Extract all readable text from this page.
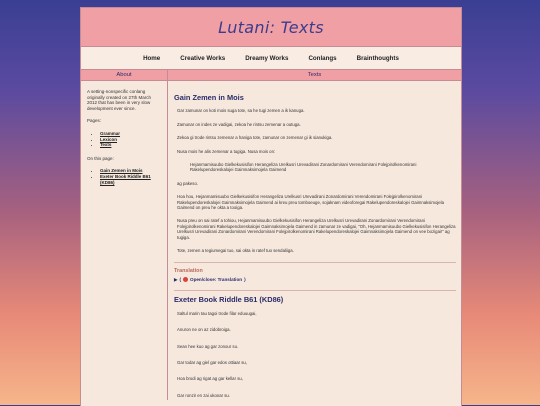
Lutani: Texts
Home	Creative Works	Dreamy Works	Conlangs	Brainthoughts
About

A setting-nonspecific conlang originally created on 27th March 2012 that has been in very slow development ever since.

Pages:

• Grammar
• Lexicon
• Texts

On this page:

• Gain Zemen in Mois
• Exeter Book Riddle B61 (KD86)
Texts
Gain Zemen in Mois
Gar zamunar on koti mois suga tote, sa he tugi zemen a ik kanuga.
Zamunar on indes ze vadigai, zekoa he rintsu zemenar a outuga.
Zekoa gi trode rintsu zemenar a haniga tote, zamunar on zemenar gi ik sianukiga.
Nusa mois he alis zemenar a tugiga. Nusa mois on:
Hejanmamisuubo Gielkekusisifon Herangeliza Urelkusri Urevadirani Zonardomirani Verendomirani Folejpirolkenomirani Rakelupendoreskalojei Gaimnaksimojela Gaimend
ag pakeso.
Hoa hou, Hejanmamisuubo Gielkekusisifon Herangeliza Urelkusri Urevadirani Zonardomirani Verendomirani Folejpirolkenomirani Rakelupendoreskalojei Gaimnaksimojela Gaimend ai kreu preu tomboeuge, sojaknam videoforegai Rakelupendoreskalojei Gaimnaksimojela Gaimend on preu he okta a tooiga.
Nusa preu on sai ratef a tohiou, Hejanmamisuubo Gielkekusisifon Herangeliza Urelkusri Urevadirani Zonardomirani Verendomirani Folejpirolkenomirani Rakelupendoreskalojei Gaimnaksimojela Gaimend in zamunar ze vadigai, "Oh, Hejanmamisuubo Gielkekusisifon Herangeliza Urelkusri Urevadirani Zonardomirani Verendomirani Folejpirolkenomirani Rakelupendoreskalojei Gaimnaksimojela Gaimend on vee bozigai!" ag tugiga.
Tote, zemen a tegiumegai tuo, sai okta in ratef tuo sendaliiga.
Translation
▶ ( Open/close: Translation )
Exeter Book Riddle B61 (KD86)
Saltul marin tau tagoi trode filar eduuugai,
Anuron ne on az zidobroiga.
Sean hee kuo ag gar zonour su.
Gar todar ag giel gar edos ottiaar su,
Hoa brodi ag rigat ag gar kellar su,
Gar ronzir en zai ukonar su.
